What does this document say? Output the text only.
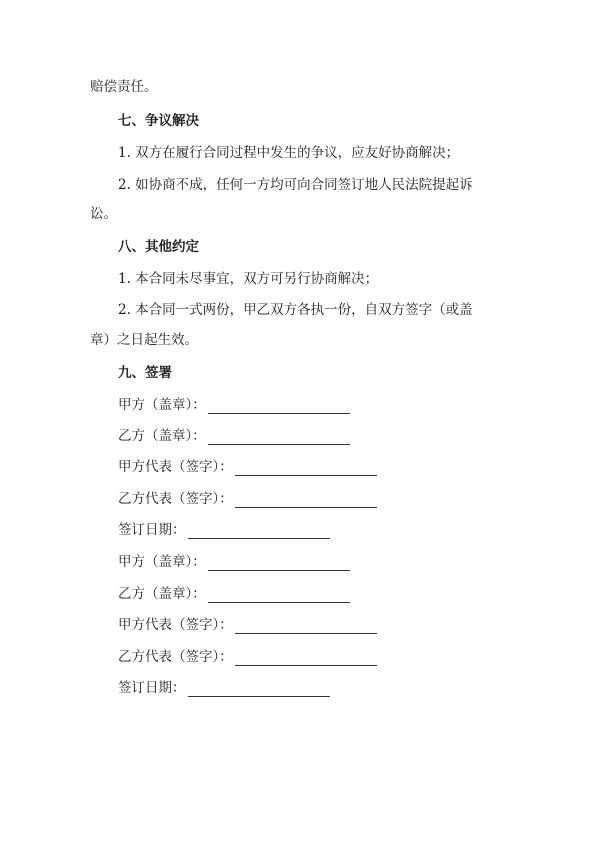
赔偿责任。
七、争议解决
1. 双方在履行合同过程中发生的争议，应友好协商解决；
2. 如协商不成，任何一方均可向合同签订地人民法院提起诉
讼。
八、其他约定
1. 本合同未尽事宜，双方可另行协商解决；
2. 本合同一式两份，甲乙双方各执一份，自双方签字（或盖
章）之日起生效。
九、签署
甲方（盖章）：
乙方（盖章）：
甲方代表（签字）：
乙方代表（签字）：
签订日期：
甲方（盖章）：
乙方（盖章）：
甲方代表（签字）：
乙方代表（签字）：
签订日期：
